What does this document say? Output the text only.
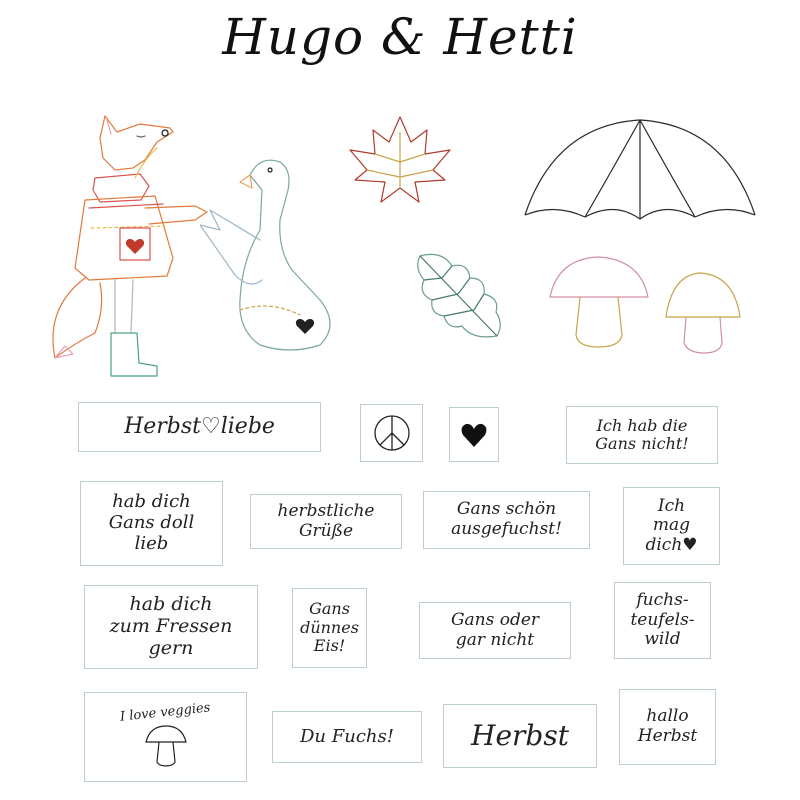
Hugo & Hetti
Herbst♡liebe	Ich hab die
Gans nicht!
hab dich
Gans doll
lieb
herbstliche
Grüße
Gans schön
ausgefuchst!
Ich
mag
dich♥
hab dich
zum Fressen
gern
Gans
dünnes
Eis!
Gans oder
gar nicht
fuchs-
teufels-
wild
I love veggies
Du Fuchs!	Herbst
hallo
Herbst
